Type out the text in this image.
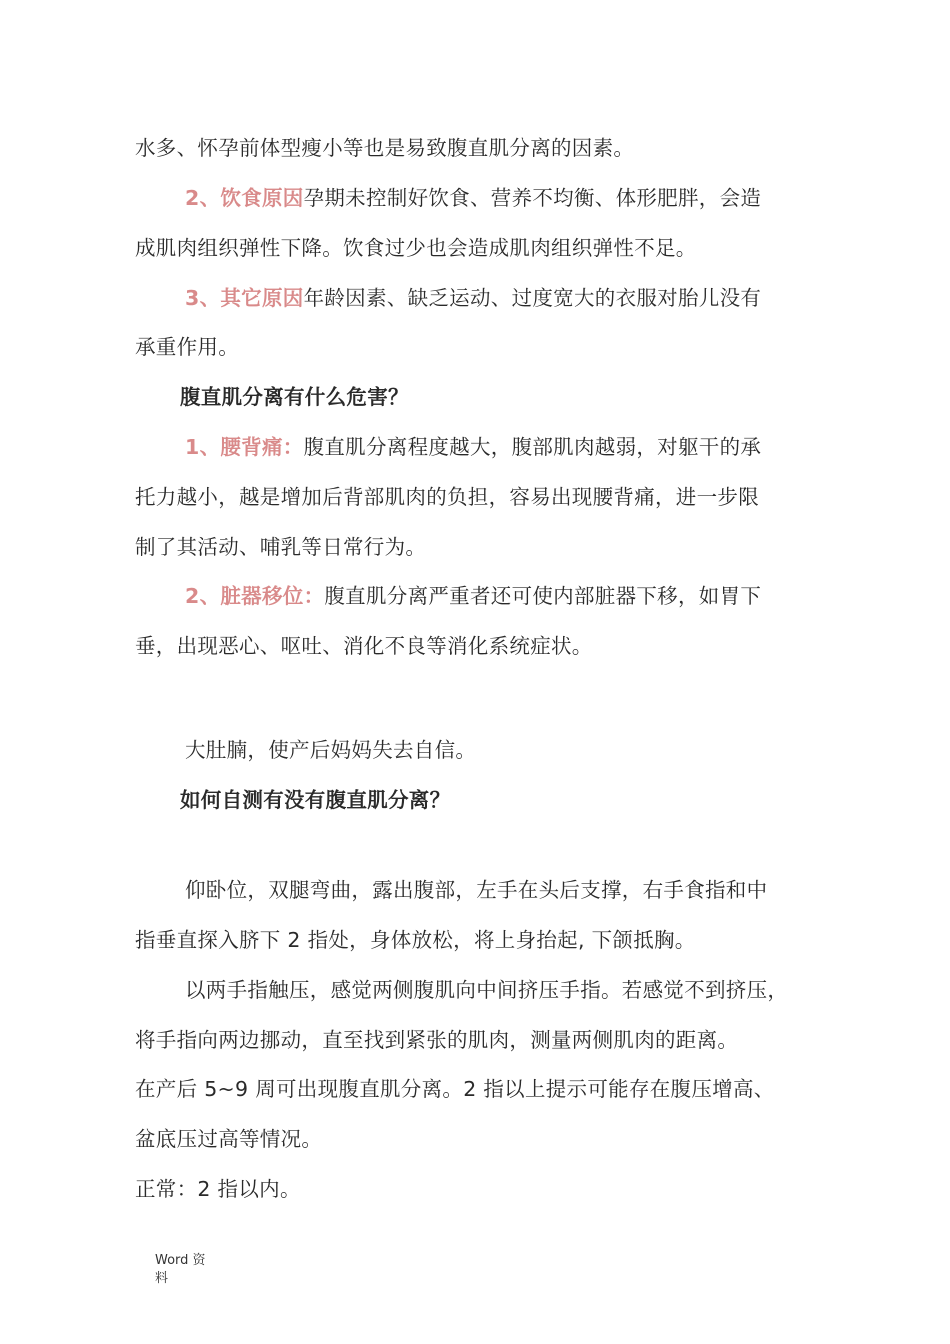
水多、怀孕前体型瘦小等也是易致腹直肌分离的因素。

2、饮食原因孕期未控制好饮食、营养不均衡、体形肥胖，会造

成肌肉组织弹性下降。饮食过少也会造成肌肉组织弹性不足。

3、其它原因年龄因素、缺乏运动、过度宽大的衣服对胎儿没有

承重作用。

腹直肌分离有什么危害？

1、腰背痛：腹直肌分离程度越大，腹部肌肉越弱，对躯干的承

托力越小，越是增加后背部肌肉的负担，容易出现腰背痛，进一步限

制了其活动、哺乳等日常行为。

2、脏器移位：腹直肌分离严重者还可使内部脏器下移，如胃下

垂，出现恶心、呕吐、消化不良等消化系统症状。

大肚腩，使产后妈妈失去自信。

如何自测有没有腹直肌分离？

仰卧位，双腿弯曲，露出腹部，左手在头后支撑，右手食指和中

指垂直探入脐下 2 指处，身体放松，将上身抬起, 下颌抵胸。

以两手指触压，感觉两侧腹肌向中间挤压手指。若感觉不到挤压，

将手指向两边挪动，直至找到紧张的肌肉，测量两侧肌肉的距离。

在产后 5~9 周可出现腹直肌分离。2 指以上提示可能存在腹压增高、

盆底压过高等情况。

正常：2 指以内。

Word 资
料
